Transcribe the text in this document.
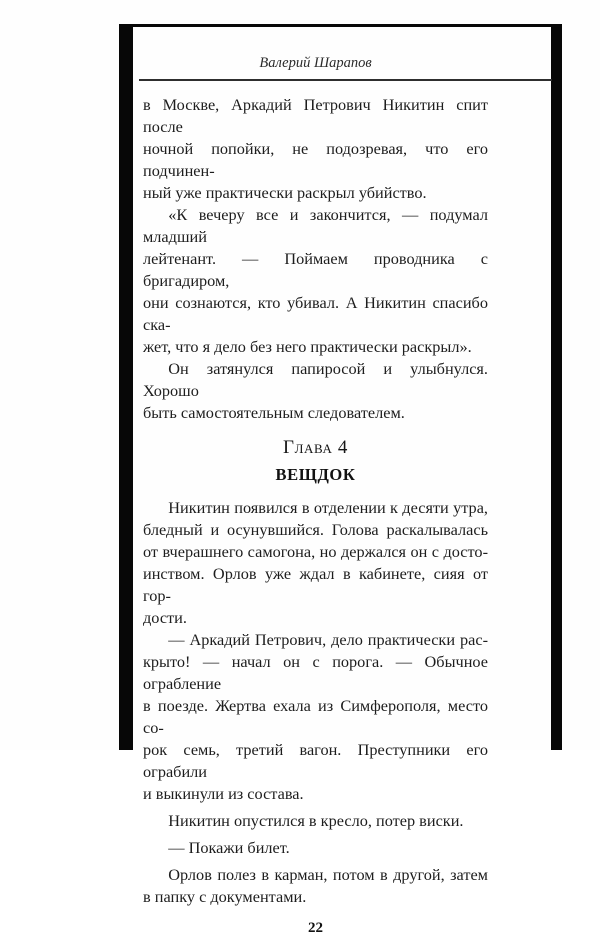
Валерий Шарапов
в Москве, Аркадий Петрович Никитин спит после
ночной попойки, не подозревая, что его подчинен-
ный уже практически раскрыл убийство.
«К вечеру все и закончится, — подумал младший
лейтенант. — Поймаем проводника с бригадиром,
они сознаются, кто убивал. А Никитин спасибо ска-
жет, что я дело без него практически раскрыл».
Он затянулся папиросой и улыбнулся. Хорошо
быть самостоятельным следователем.
Глава 4
ВЕЩДОК
Никитин появился в отделении к десяти утра,
бледный и осунувшийся. Голова раскалывалась
от вчерашнего самогона, но держался он с досто-
инством. Орлов уже ждал в кабинете, сияя от гор-
дости.
— Аркадий Петрович, дело практически рас-
крыто! — начал он с порога. — Обычное ограбление
в поезде. Жертва ехала из Симферополя, место со-
рок семь, третий вагон. Преступники его ограбили
и выкинули из состава.
Никитин опустился в кресло, потер виски.
— Покажи билет.
Орлов полез в карман, потом в другой, затем
в папку с документами.
22
